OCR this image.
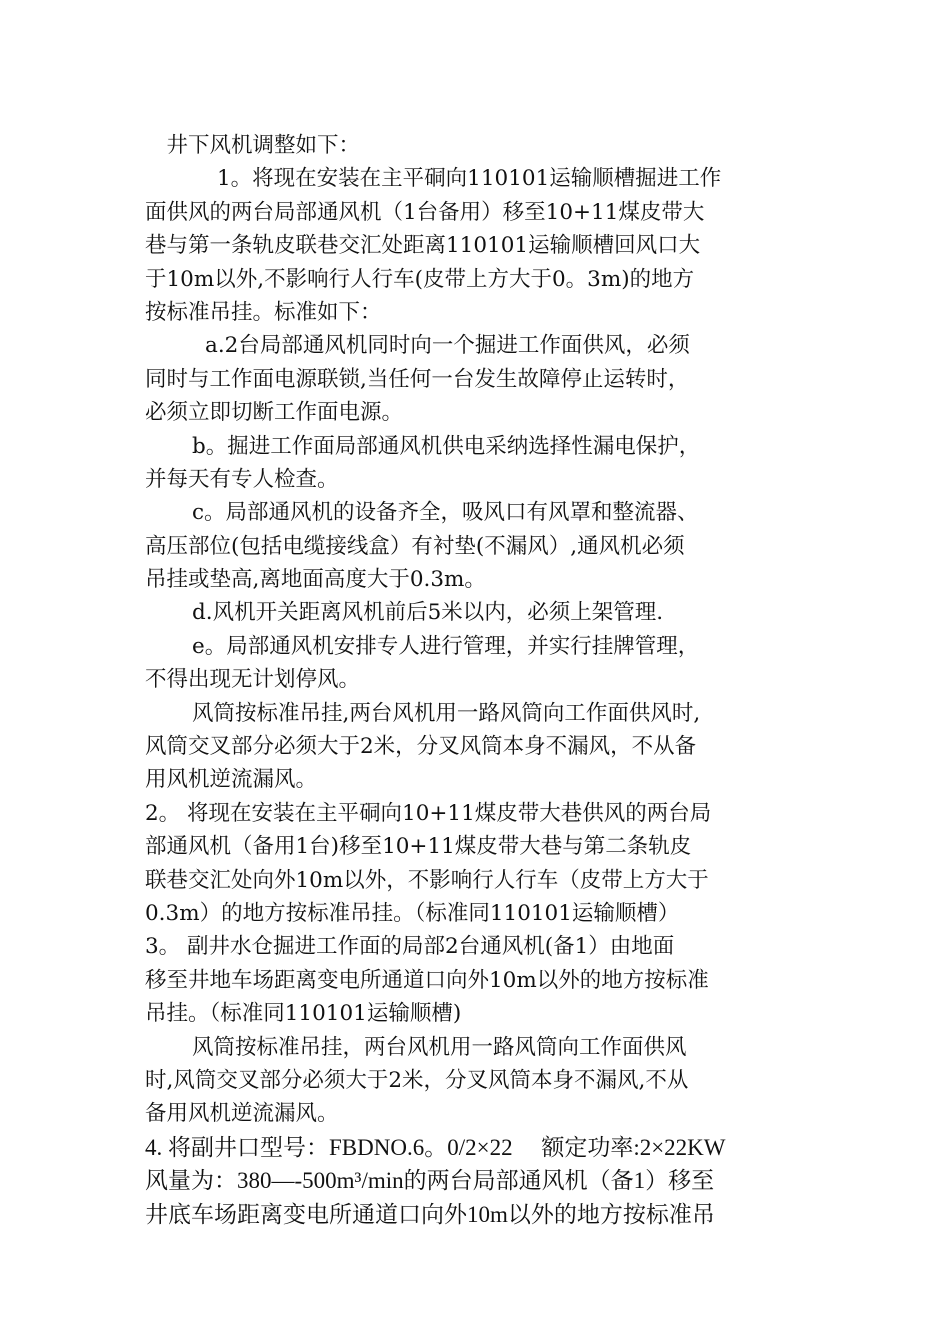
　井下风机调整如下：
1。将现在安装在主平硐向110101运输顺槽掘进工作
面供风的两台局部通风机（1台备用）移至10+11煤皮带大
巷与第一条轨皮联巷交汇处距离110101运输顺槽回风口大
于10m以外,不影响行人行车(皮带上方大于0。3m)的地方
按标准吊挂。标准如下：
a.2台局部通风机同时向一个掘进工作面供风，必须
同时与工作面电源联锁,当任何一台发生故障停止运转时，
必须立即切断工作面电源。
b。掘进工作面局部通风机供电采纳选择性漏电保护，
并每天有专人检查。
c。局部通风机的设备齐全，吸风口有风罩和整流器、
高压部位(包括电缆接线盒）有衬垫(不漏风）,通风机必须
吊挂或垫高,离地面高度大于0.3m。
d.风机开关距离风机前后5米以内，必须上架管理.
e。局部通风机安排专人进行管理，并实行挂牌管理，
不得出现无计划停风。
风筒按标准吊挂,两台风机用一路风筒向工作面供风时,
风筒交叉部分必须大于2米，分叉风筒本身不漏风，不从备
用风机逆流漏风。
2。 将现在安装在主平硐向10+11煤皮带大巷供风的两台局
部通风机（备用1台)移至10+11煤皮带大巷与第二条轨皮
联巷交汇处向外10m以外，不影响行人行车（皮带上方大于
0.3m）的地方按标准吊挂。（标准同110101运输顺槽）
3。 副井水仓掘进工作面的局部2台通风机(备1）由地面
移至井地车场距离变电所通道口向外10m以外的地方按标准
吊挂。（标准同110101运输顺槽)
风筒按标准吊挂，两台风机用一路风筒向工作面供风
时,风筒交叉部分必须大于2米，分叉风筒本身不漏风,不从
备用风机逆流漏风。
4. 将副井口型号：FBDNO.6。0/2×22　 额定功率:2×22KW
风量为：380—-500m³/min的两台局部通风机（备1）移至
井底车场距离变电所通道口向外10m以外的地方按标准吊
